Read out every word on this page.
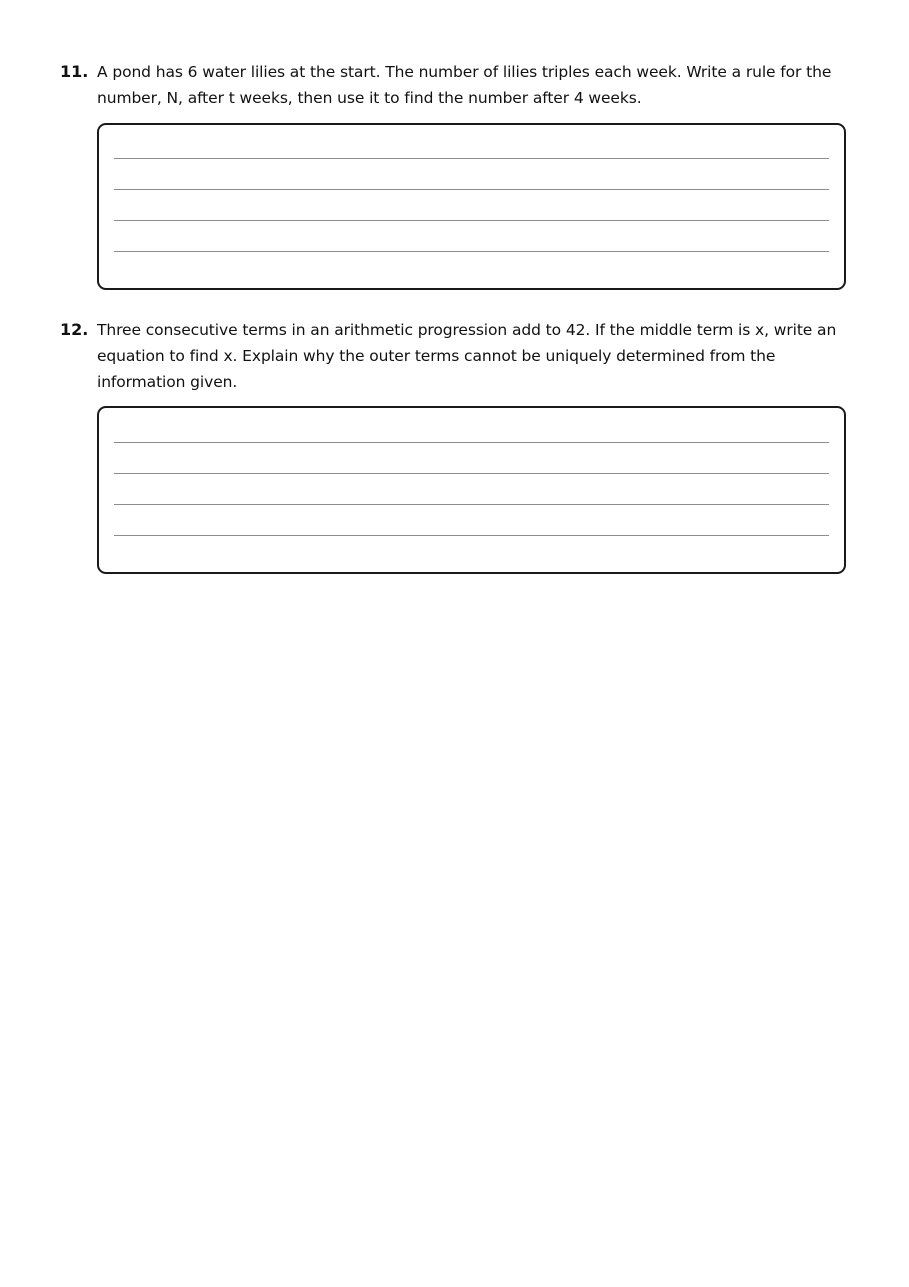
11. A pond has 6 water lilies at the start. The number of lilies triples each week. Write a rule for the number, N, after t weeks, then use it to find the number after 4 weeks.
12. Three consecutive terms in an arithmetic progression add to 42. If the middle term is x, write an equation to find x. Explain why the outer terms cannot be uniquely determined from the information given.
